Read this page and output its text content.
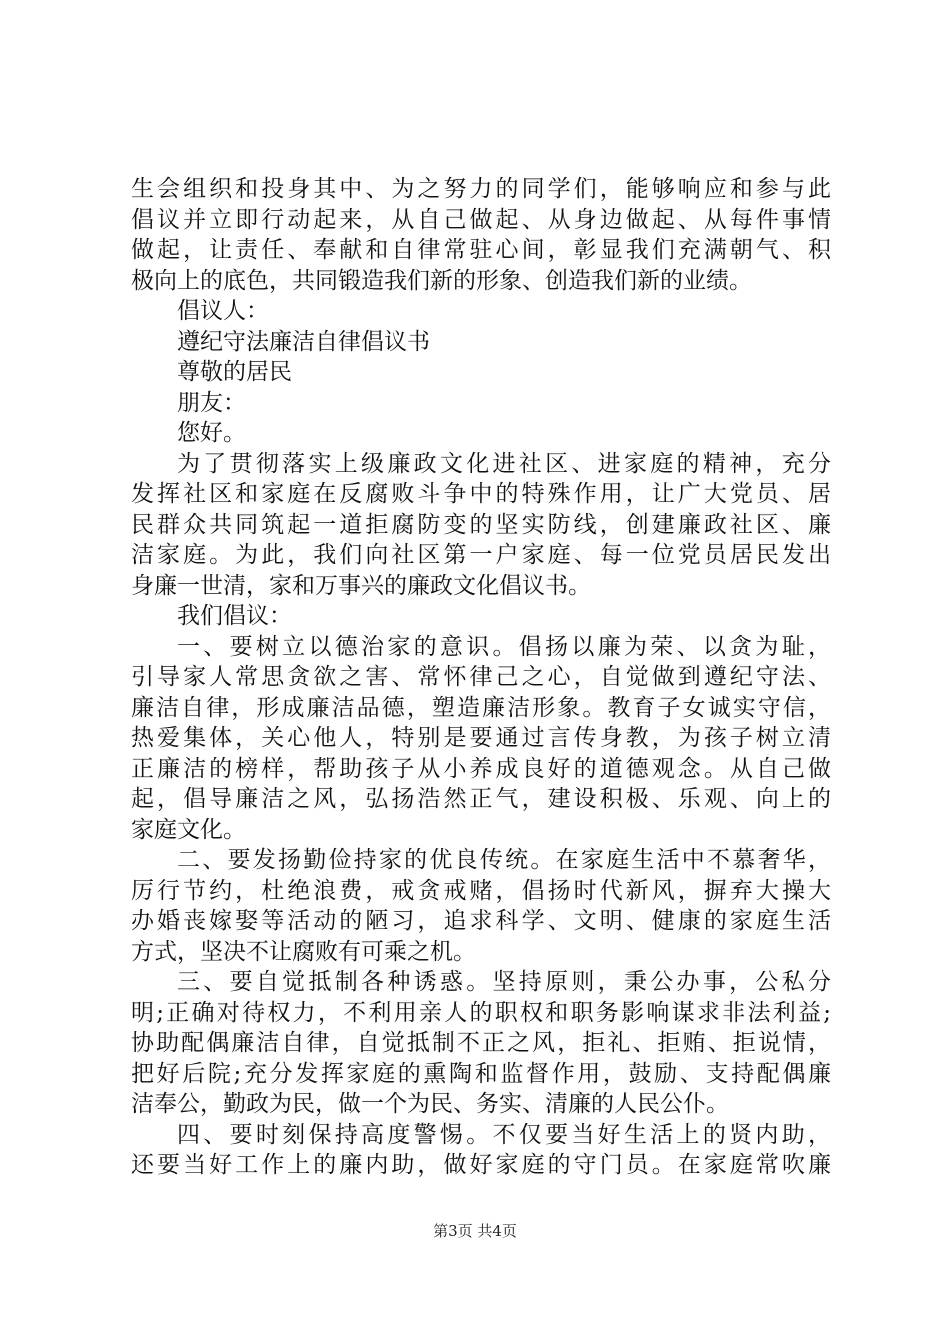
生会组织和投身其中、为之努力的同学们，能够响应和参与此
倡议并立即行动起来，从自己做起、从身边做起、从每件事情
做起，让责任、奉献和自律常驻心间，彰显我们充满朝气、积
极向上的底色，共同锻造我们新的形象、创造我们新的业绩。
倡议人：
遵纪守法廉洁自律倡议书
尊敬的居民
朋友：
您好。
为了贯彻落实上级廉政文化进社区、进家庭的精神，充分
发挥社区和家庭在反腐败斗争中的特殊作用，让广大党员、居
民群众共同筑起一道拒腐防变的坚实防线，创建廉政社区、廉
洁家庭。为此，我们向社区第一户家庭、每一位党员居民发出
身廉一世清，家和万事兴的廉政文化倡议书。
我们倡议：
一、要树立以德治家的意识。倡扬以廉为荣、以贪为耻，
引导家人常思贪欲之害、常怀律己之心，自觉做到遵纪守法、
廉洁自律，形成廉洁品德，塑造廉洁形象。教育子女诚实守信，
热爱集体，关心他人，特别是要通过言传身教，为孩子树立清
正廉洁的榜样，帮助孩子从小养成良好的道德观念。从自己做
起，倡导廉洁之风，弘扬浩然正气，建设积极、乐观、向上的
家庭文化。
二、要发扬勤俭持家的优良传统。在家庭生活中不慕奢华，
厉行节约，杜绝浪费，戒贪戒赌，倡扬时代新风，摒弃大操大
办婚丧嫁娶等活动的陋习，追求科学、文明、健康的家庭生活
方式，坚决不让腐败有可乘之机。
三、要自觉抵制各种诱惑。坚持原则，秉公办事，公私分
明;正确对待权力，不利用亲人的职权和职务影响谋求非法利益;
协助配偶廉洁自律，自觉抵制不正之风，拒礼、拒贿、拒说情，
把好后院;充分发挥家庭的熏陶和监督作用，鼓励、支持配偶廉
洁奉公，勤政为民，做一个为民、务实、清廉的人民公仆。
四、要时刻保持高度警惕。不仅要当好生活上的贤内助，
还要当好工作上的廉内助，做好家庭的守门员。在家庭常吹廉
第3页 共4页
